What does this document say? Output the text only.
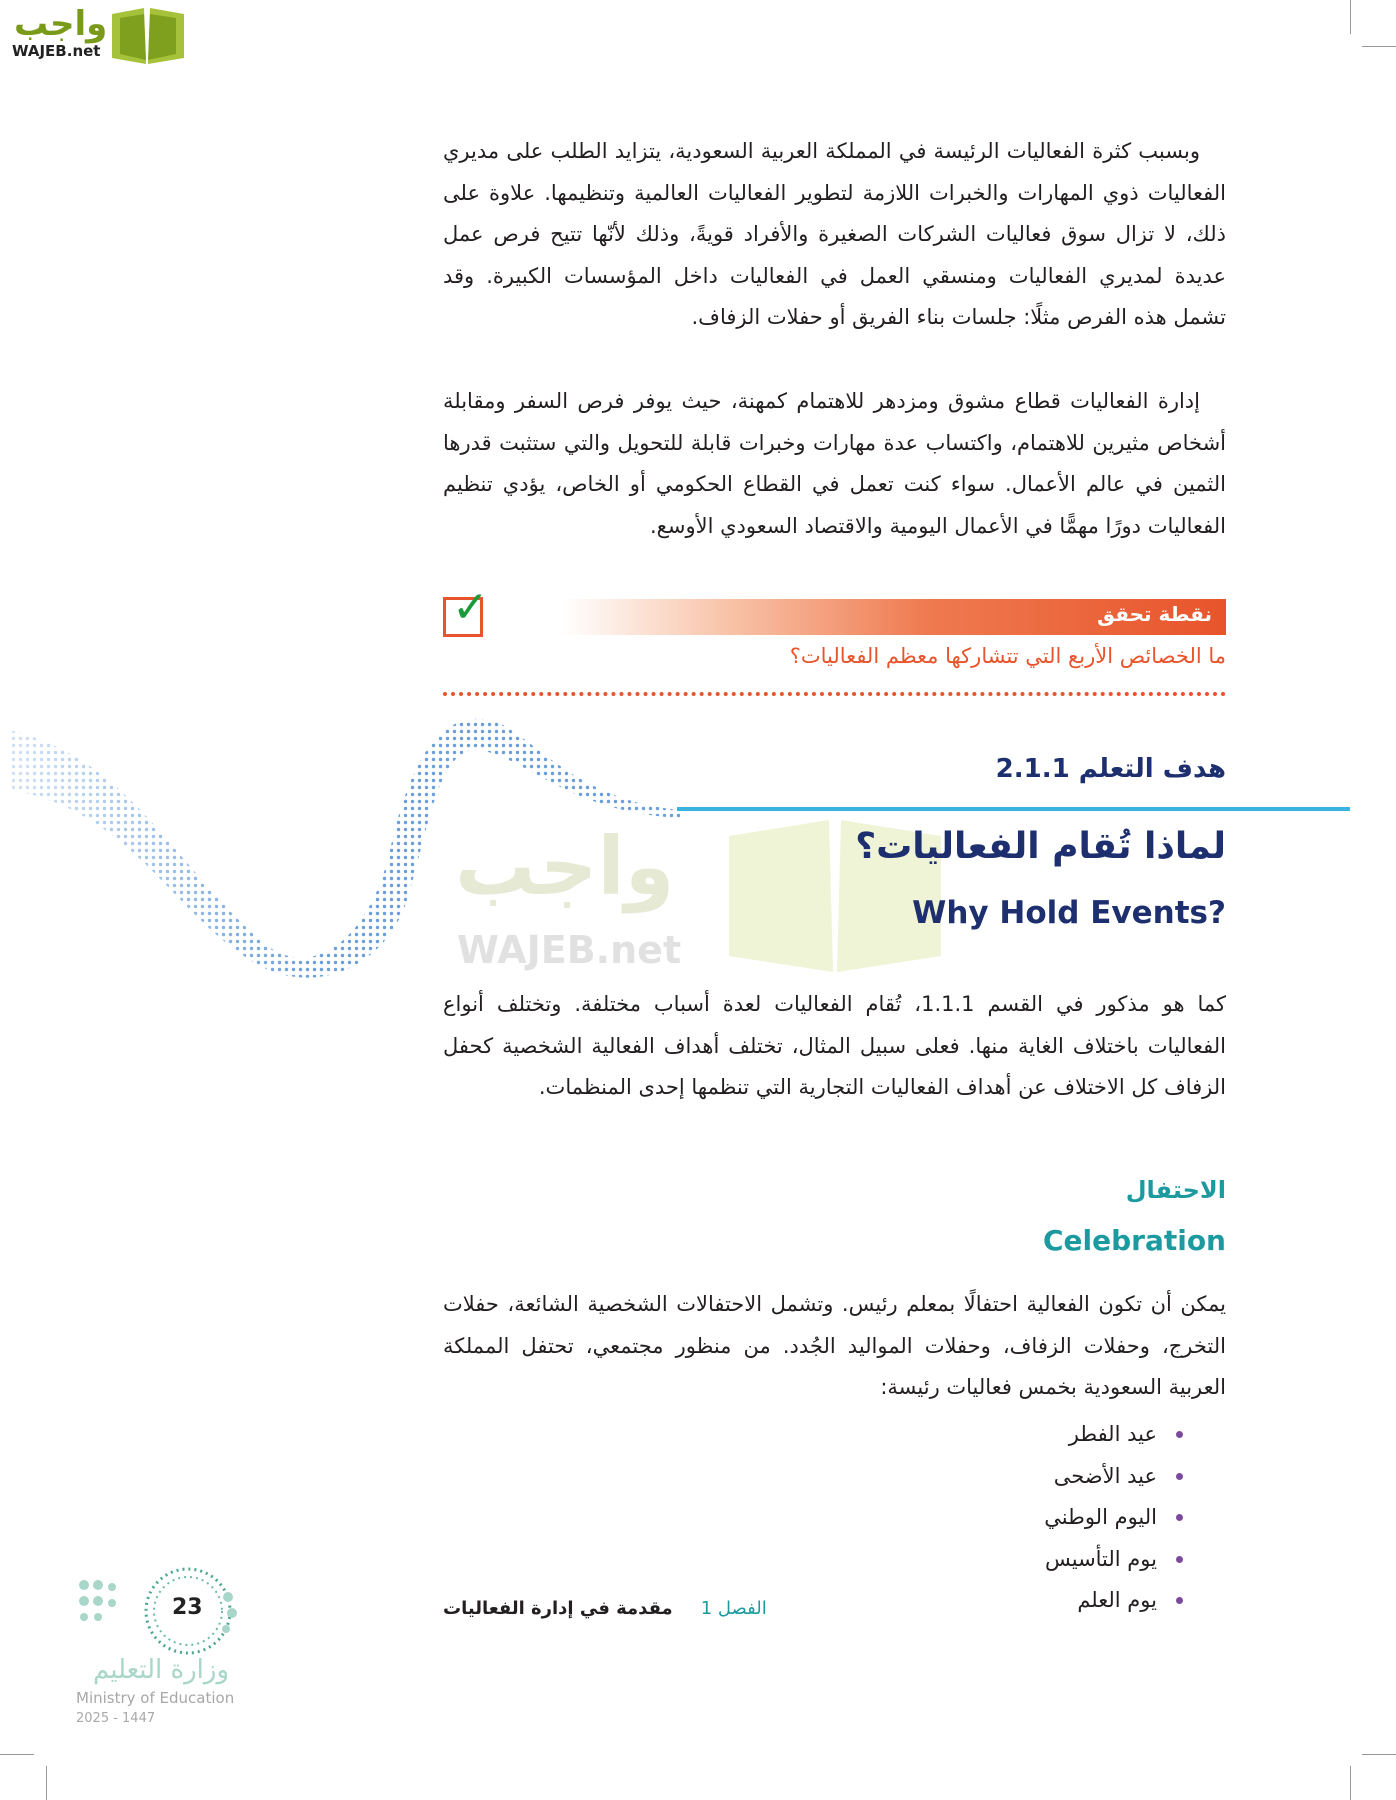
واجب
WAJEB.net

وبسبب كثرة الفعاليات الرئيسة في المملكة العربية السعودية، يتزايد الطلب على مديري الفعاليات ذوي المهارات والخبرات اللازمة لتطوير الفعاليات العالمية وتنظيمها. علاوة على ذلك، لا تزال سوق فعاليات الشركات الصغيرة والأفراد قويةً، وذلك لأنّها تتيح فرص عمل عديدة لمديري الفعاليات ومنسقي العمل في الفعاليات داخل المؤسسات الكبيرة. وقد تشمل هذه الفرص مثلًا: جلسات بناء الفريق أو حفلات الزفاف.

إدارة الفعاليات قطاع مشوق ومزدهر للاهتمام كمهنة، حيث يوفر فرص السفر ومقابلة أشخاص مثيرين للاهتمام، واكتساب عدة مهارات وخبرات قابلة للتحويل والتي ستثبت قدرها الثمين في عالم الأعمال. سواء كنت تعمل في القطاع الحكومي أو الخاص، يؤدي تنظيم الفعاليات دورًا مهمًّا في الأعمال اليومية والاقتصاد السعودي الأوسع.

✓	نقطة تحقق
ما الخصائص الأربع التي تتشاركها معظم الفعاليات؟
هدف التعلم 2.1.1
واجب
WAJEB.net
لماذا تُقام الفعاليات؟
Why Hold Events?

كما هو مذكور في القسم 1.1.1، تُقام الفعاليات لعدة أسباب مختلفة. وتختلف أنواع الفعاليات باختلاف الغاية منها. فعلى سبيل المثال، تختلف أهداف الفعالية الشخصية كحفل الزفاف كل الاختلاف عن أهداف الفعاليات التجارية التي تنظمها إحدى المنظمات.

الاحتفال
Celebration

يمكن أن تكون الفعالية احتفالًا بمعلم رئيس. وتشمل الاحتفالات الشخصية الشائعة، حفلات التخرج، وحفلات الزفاف، وحفلات المواليد الجُدد. من منظور مجتمعي، تحتفل المملكة العربية السعودية بخمس فعاليات رئيسة:

عيد الفطر
عيد الأضحى
اليوم الوطني
يوم التأسيس
يوم العلم
الفصل 1مقدمة في إدارة الفعاليات
23
وزارة التعليم
Ministry of Education
2025 - 1447
